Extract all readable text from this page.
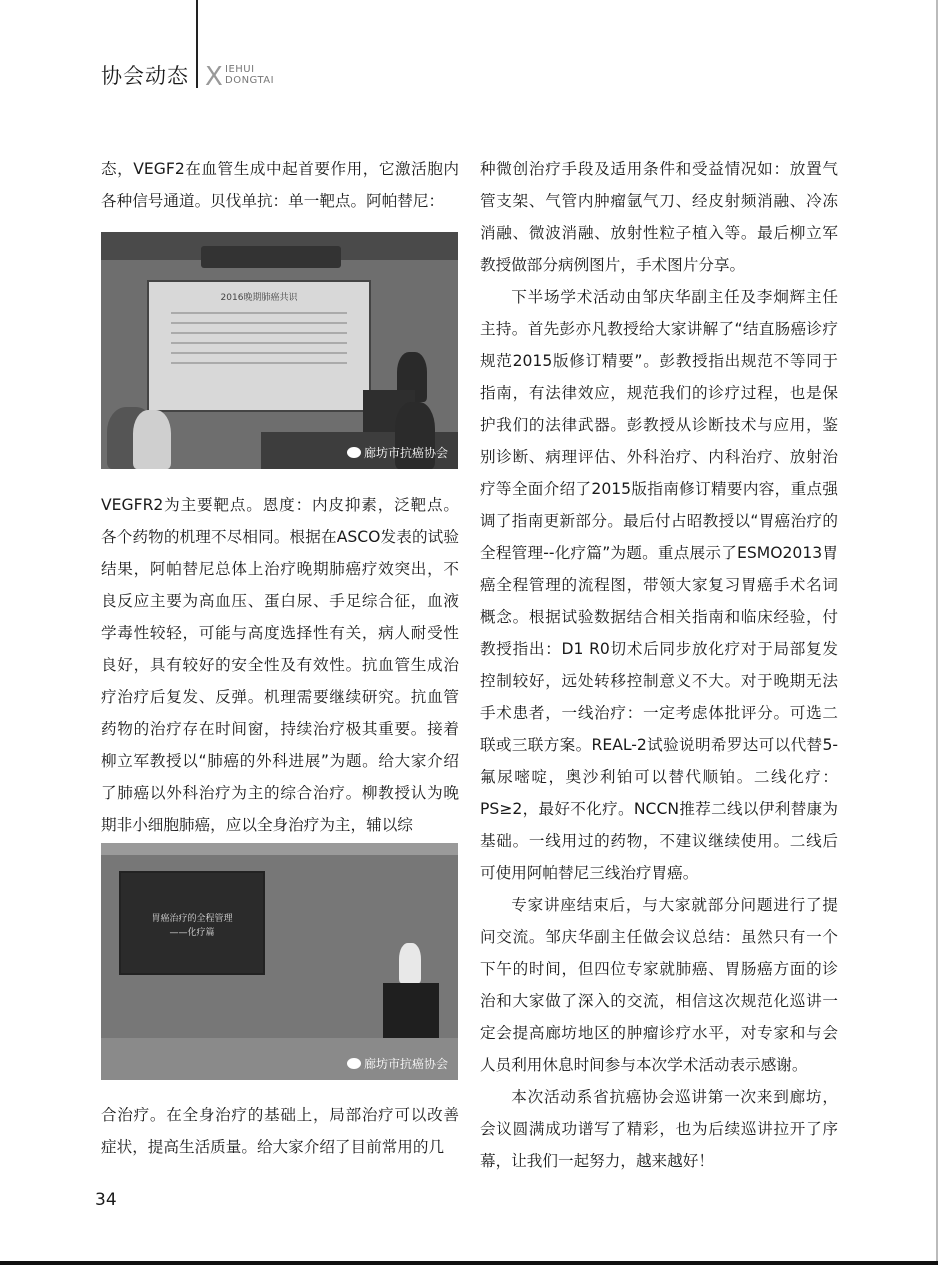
协会动态 X IEHUI
DONGTAI

态，VEGF2在血管生成中起首要作用，它激活胞内各种信号通道。贝伐单抗：单一靶点。阿帕替尼：

2016晚期肺癌共识
廊坊市抗癌协会

VEGFR2为主要靶点。恩度：内皮抑素，泛靶点。各个药物的机理不尽相同。根据在ASCO发表的试验结果，阿帕替尼总体上治疗晚期肺癌疗效突出，不良反应主要为高血压、蛋白尿、手足综合征，血液学毒性较轻，可能与高度选择性有关，病人耐受性良好，具有较好的安全性及有效性。抗血管生成治疗治疗后复发、反弹。机理需要继续研究。抗血管药物的治疗存在时间窗，持续治疗极其重要。接着柳立军教授以“肺癌的外科进展”为题。给大家介绍了肺癌以外科治疗为主的综合治疗。柳教授认为晚期非小细胞肺癌，应以全身治疗为主，辅以综

胃癌治疗的全程管理
——化疗篇
廊坊市抗癌协会

合治疗。在全身治疗的基础上，局部治疗可以改善症状，提高生活质量。给大家介绍了目前常用的几

种微创治疗手段及适用条件和受益情况如：放置气管支架、气管内肿瘤氩气刀、经皮射频消融、冷冻消融、微波消融、放射性粒子植入等。最后柳立军教授做部分病例图片，手术图片分享。

下半场学术活动由邹庆华副主任及李炯辉主任主持。首先彭亦凡教授给大家讲解了“结直肠癌诊疗规范2015版修订精要”。彭教授指出规范不等同于指南，有法律效应，规范我们的诊疗过程，也是保护我们的法律武器。彭教授从诊断技术与应用，鉴别诊断、病理评估、外科治疗、内科治疗、放射治疗等全面介绍了2015版指南修订精要内容，重点强调了指南更新部分。最后付占昭教授以“胃癌治疗的全程管理--化疗篇”为题。重点展示了ESMO2013胃癌全程管理的流程图，带领大家复习胃癌手术名词概念。根据试验数据结合相关指南和临床经验，付教授指出：D1 R0切术后同步放化疗对于局部复发控制较好，远处转移控制意义不大。对于晚期无法手术患者，一线治疗：一定考虑体批评分。可选二联或三联方案。REAL-2试验说明希罗达可以代替5-氟尿嘧啶，奥沙利铂可以替代顺铂。二线化疗：PS≥2，最好不化疗。NCCN推荐二线以伊利替康为基础。一线用过的药物，不建议继续使用。二线后可使用阿帕替尼三线治疗胃癌。

专家讲座结束后，与大家就部分问题进行了提问交流。邹庆华副主任做会议总结：虽然只有一个下午的时间，但四位专家就肺癌、胃肠癌方面的诊治和大家做了深入的交流，相信这次规范化巡讲一定会提高廊坊地区的肿瘤诊疗水平，对专家和与会人员利用休息时间参与本次学术活动表示感谢。

本次活动系省抗癌协会巡讲第一次来到廊坊，会议圆满成功谱写了精彩，也为后续巡讲拉开了序幕，让我们一起努力，越来越好！

34
